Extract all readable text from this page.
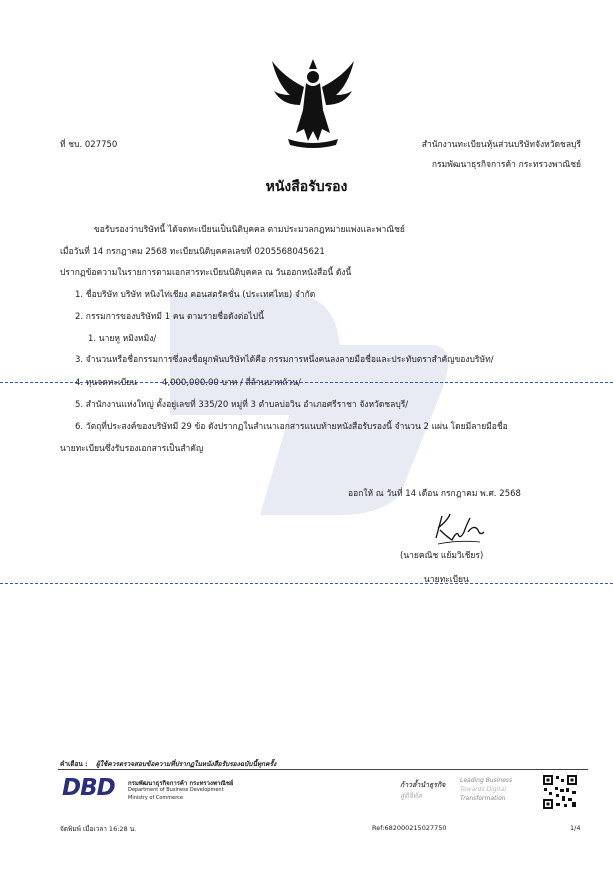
ที่ ชบ. 027750	สำนักงานทะเบียนหุ้นส่วนบริษัทจังหวัดชลบุรี
กรมพัฒนาธุรกิจการค้า กระทรวงพาณิชย์
หนังสือรับรอง
ขอรับรองว่าบริษัทนี้ ได้จดทะเบียนเป็นนิติบุคคล ตามประมวลกฎหมายแพ่งและพาณิชย์
เมื่อวันที่ 14 กรกฎาคม 2568 ทะเบียนนิติบุคคลเลขที่ 0205568045621
ปรากฏข้อความในรายการตามเอกสารทะเบียนนิติบุคคล ณ วันออกหนังสือนี้ ดังนี้
1. ชื่อบริษัท บริษัท หนิงไท่เชียง คอนสตรัคชั่น (ประเทศไทย) จำกัด
2. กรรมการของบริษัทมี 1 คน ตามรายชื่อดังต่อไปนี้
1. นายหู หมิงหมิง/
3. จำนวนหรือชื่อกรรมการซึ่งลงชื่อผูกพันบริษัทได้คือ กรรมการหนึ่งคนลงลายมือชื่อและประทับตราสำคัญของบริษัท/
4. ทุนจดทะเบียน	4,000,000.00 บาท / สี่ล้านบาทถ้วน/
5. สำนักงานแห่งใหญ่ ตั้งอยู่เลขที่ 335/20 หมู่ที่ 3 ตำบลบ่อวิน อำเภอศรีราชา จังหวัดชลบุรี/
6. วัตถุที่ประสงค์ของบริษัทมี 29 ข้อ ดังปรากฏในสำเนาเอกสารแนบท้ายหนังสือรับรองนี้ จำนวน 2 แผ่น โดยมีลายมือชื่อ
นายทะเบียนซึ่งรับรองเอกสารเป็นสำคัญ
ออกให้ ณ วันที่ 14 เดือน กรกฎาคม พ.ศ. 2568
(นายคณิช แย้มวิเชียร)
นายทะเบียน
คำเตือน : ผู้ใช้ควรตรวจสอบข้อความที่ปรากฏในหนังสือรับรองฉบับนี้ทุกครั้ง
DBD กรมพัฒนาธุรกิจการค้า กระทรวงพาณิชย์
Department of Business Development
Ministry of Commerce
ก้าวล้ำนำธุรกิจ
สู่ดิจิทัล
Leading Business
Towards Digital
Transformation
จัดพิมพ์ เมื่อเวลา 16:28 น.	Ref:682000215027750	1/4
